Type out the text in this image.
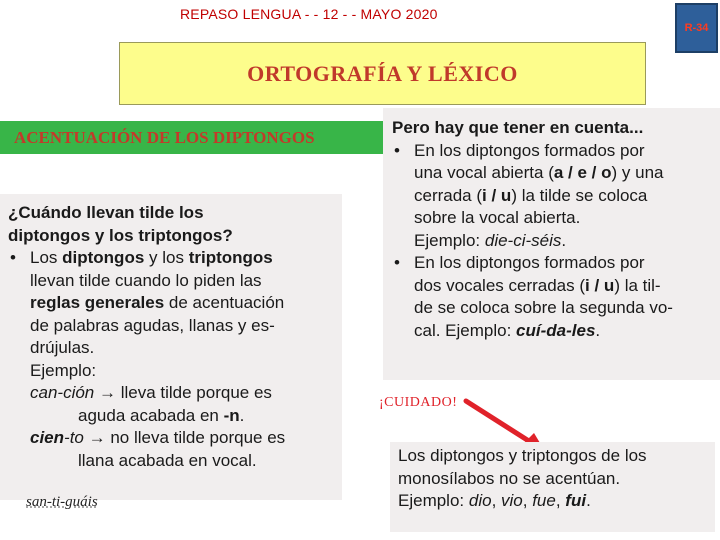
REPASO LENGUA - - 12 - - MAYO 2020
R-34
ORTOGRAFÍA Y LÉXICO
ACENTUACIÓN DE LOS DIPTONGOS
¿Cuándo llevan tilde los
diptongos y los triptongos?
• Los diptongos y los triptongos
llevan tilde cuando lo piden las
reglas generales de acentuación
de palabras agudas, llanas y es-
drújulas.
Ejemplo:
can-ción → lleva tilde porque es
aguda acabada en -n.
cien-to → no lleva tilde porque es
llana acabada en vocal.
san-ti-guáis
Pero hay que tener en cuenta...
• En los diptongos formados por
una vocal abierta (a / e / o) y una
cerrada (i / u) la tilde se coloca
sobre la vocal abierta.
Ejemplo: die-ci-séis.
• En los diptongos formados por
dos vocales cerradas (i / u) la til-
de se coloca sobre la segunda vo-
cal. Ejemplo: cuí-da-les.
¡CUIDADO!
Los diptongos y triptongos de los
monosílabos no se acentúan.
Ejemplo: dio, vio, fue, fui.
